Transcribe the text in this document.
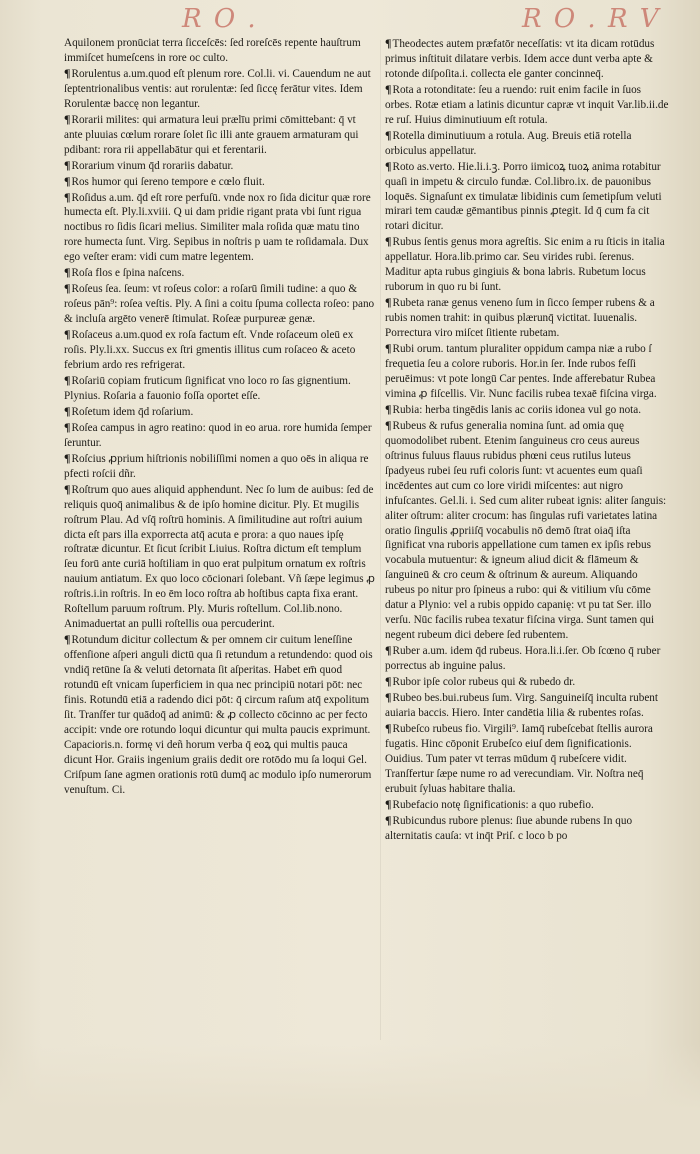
R O .	R O . R V

Aquilonem pronūciat terra ſicceſcēs: ſed roreſcēs repente hauſtrum immiſcet humeſcens in rore oc culto.

¶Rorulentus a.um.quod eſt plenum rore. Col.li. vi. Cauendum ne aut ſeptentrionalibus ventis: aut rorulentæ: ſed ſiccę ferātur vites. Idem Rorulentæ baccę non legantur.

¶Rorarii milites: qui armatura leui prælīu primi cōmittebant: q̄ vt ante pluuias cœlum rorare ſolet ſic illi ante grauem armaturam qui pdibant: rora rii appellabātur qui et ferentarii.

¶Rorarium vinum q̄d rorariis dabatur.

¶Ros humor qui ſereno tempore e cœlo fluit.

¶Roſidus a.um. q̄d eſt rore perfuſū. vnde nox ro ſida dicitur quæ rore humecta eſt. Ply.li.xviii. Q ui dam pridie rigant prata vbi ſunt rigua noctibus ro ſidis ſicari melius. Similiter mala roſida quæ matu tino rore humecta ſunt. Virg. Sepibus in noſtris p uam te roſidamala. Dux ego veſter eram: vidi cum matre legentem.

¶Roſa flos e ſpina naſcens.

¶Roſeus ſea. ſeum: vt roſeus color: a roſarū ſimili tudine: a quo & roſeus pān⁹: roſea veſtis. Ply. A ſini a coitu ſpuma collecta roſeo: pano & incluſa argēto venerē ſtimulat. Roſeæ purpureæ genæ.

¶Roſaceus a.um.quod ex roſa factum eſt. Vnde roſaceum oleū ex roſis. Ply.li.xx. Succus ex ſtri gmentis illitus cum roſaceo & aceto febrium ardo res refrigerat.

¶Roſariū copiam fruticum ſignificat vno loco ro ſas gignentium. Plynius. Roſaria a fauonio foſſa oportet eſſe.

¶Roſetum idem q̄d roſarium.

¶Roſea campus in agro reatino: quod in eo arua. rore humida ſemper ſeruntur.

¶Roſcius ꝓprium hiſtrionis nobiliſſimi nomen a quo oēs in aliqua re pfecti roſcii dñr.

¶Roſtrum quo aues aliquid apphendunt. Nec ſo lum de auibus: ſed de reliquis quoq̄ animalibus & de ipſo homine dicitur. Ply. Et mugilis roſtrum Plau. Ad vſq̄ roſtrū hominis. A ſimilitudine aut roſtri auium dicta eſt pars illa exporrecta atq̄ acuta e prora: a quo naues ipſę roſtratæ dicuntur. Et ſicut ſcribit Liuius. Roſtra dictum eſt templum ſeu forū ante curiā hoſtiliam in quo erat pulpitum ornatum ex roſtris nauium antiatum. Ex quo loco cōcionari ſolebant. Vñ ſæpe legimus ꝓ roſtris.i.in roſtris. In eo ēm loco roſtra ab hoſtibus capta fixa erant. Roſtellum paruum roſtrum. Ply. Muris roſtellum. Col.lib.nono. Animaduertat an pulli roſtellis oua percuderint.

¶Rotundum dicitur collectum & per omnem cir cuitum leneſſine offenſione aſperi anguli dictū qua ſi retundum a retundendo: quod ois vndiq̄ retūne ſa & veluti detornata ſit aſperitas. Habet em̄ quod rotundū eſt vnicam ſuperficiem in qua nec principiū notari pōt: nec finis. Rotundū etiā a radendo dici pōt: q̄ circum raſum atq̄ expolitum ſit. Tranſfer tur quādoq̄ ad animū: & ꝓ collecto cōcinno ac per fecto accipit: vnde ore rotundo loqui dicuntur qui multa paucis exprimunt. Capacioris.n. formę vi deñ horum verba q̄ eoꝝ qui multis pauca dicunt Hor. Graiis ingenium graiis dedit ore rotōdo mu ſa loqui Gel. Criſpum ſane agmen orationis rotū dumq̄ ac modulo ipſo numerorum venuſtum. Ci.

¶Theodectes autem præfatōr neceſſatis: vt ita dicam rotūdus primus inſtituit dilatare verbis. Idem acce dunt verba apte & rotonde diſpoſita.i. collecta ele ganter concinneq̄.

¶Rota a rotonditate: ſeu a ruendo: ruit enim facile in ſuos orbes. Rotæ etiam a latinis dicuntur capræ vt inquit Var.lib.ii.de re ruſ. Huius diminutiuum eſt rotula.

¶Rotella diminutiuum a rotula. Aug. Breuis etiā rotella orbiculus appellatur.

¶Roto as.verto. Hie.li.i.ꝫ. Porro iimicoꝝ tuoꝝ anima rotabitur quaſi in impetu & circulo fundæ. Col.libro.ix. de pauonibus loquēs. Signaſunt ex timulatæ libidinis cum ſemetipſum veluti mirari tem caudæ gēmantibus pinnis ꝓtegit. Id q̄ cum fa cit rotari dicitur.

¶Rubus ſentis genus mora agreſtis. Sic enim a ru ſticis in italia appellatur. Hora.lib.primo car. Seu virides rubi. ſerenus. Maditur apta rubus gingiuis & bona labris. Rubetum locus ruborum in quo ru bi ſunt.

¶Rubeta ranæ genus veneno ſum in ſicco ſemper rubens & a rubis nomen trahit: in quibus plærunq̄ victitat. Iuuenalis. Porrectura viro miſcet ſitiente rubetam.

¶Rubi orum. tantum pluraliter oppidum campa niæ a rubo ſ frequetia ſeu a colore ruboris. Hor.in ſer. Inde rubos feſſi peruēimus: vt pote longū Car pentes. Inde afferebatur Rubea vimina ꝓ fiſcellis. Vir. Nunc facilis rubea texaē fiſcina virga.

¶Rubia: herba tingēdis lanis ac coriis idonea vul go nota.

¶Rubeus & rufus generalia nomina ſunt. ad omia quę quomodolibet rubent. Etenim ſanguineus cro ceus aureus oſtrinus fuluus flauus rubidus phœni ceus rutilus luteus ſpadyeus rubei ſeu rufi coloris ſunt: vt acuentes eum quaſi incēdentes aut cum co lore viridi miſcentes: aut nigro infuſcantes. Gel.li. i. Sed cum aliter rubeat ignis: aliter ſanguis: aliter oſtrum: aliter crocum: has ſingulas rufi varietates latina oratio ſingulis ꝓpriiſq̄ vocabulis nō demō ſtrat oiaq̄ iſta ſignificat vna ruboris appellatione cum tamen ex ipſis rebus vocabula mutuentur: & igneum aliud dicit & flāmeum & ſanguineū & cro ceum & oſtrinum & aureum. Aliquando rubeus po nitur pro ſpineus a rubo: qui & vitilium vſu cōme datur a Plynio: vel a rubis oppido capanię: vt pu tat Ser. illo verſu. Nūc facilis rubea texatur fiſcina virga. Sunt tamen qui negent rubeum dici debere ſed rubentem.

¶Ruber a.um. idem q̄d rubeus. Hora.li.i.ſer. Ob ſcœno q̄ ruber porrectus ab inguine palus.

¶Rubor ipſe color rubeus qui & rubedo dr.

¶Rubeo bes.bui.rubeus ſum. Virg. Sanguineiſq̄ inculta rubent auiaria baccis. Hiero. Inter candētia lilia & rubentes roſas.

¶Rubeſco rubeus fio. Virgili⁹. Iamq̄ rubeſcebat ſtellis aurora fugatis. Hinc cōponit Erubeſco eiuſ dem ſignificationis. Ouidius. Tum pater vt terras mūdum q̄ rubeſcere vidit. Tranſfertur ſæpe nume ro ad verecundiam. Vir. Noſtra neq̄ erubuit ſyluas habitare thalia.

¶Rubefacio notę ſignificationis: a quo rubefio.

¶Rubicundus rubore plenus: ſiue abunde rubens In quo alternitatis cauſa: vt inq̄t Priſ. c loco b po
